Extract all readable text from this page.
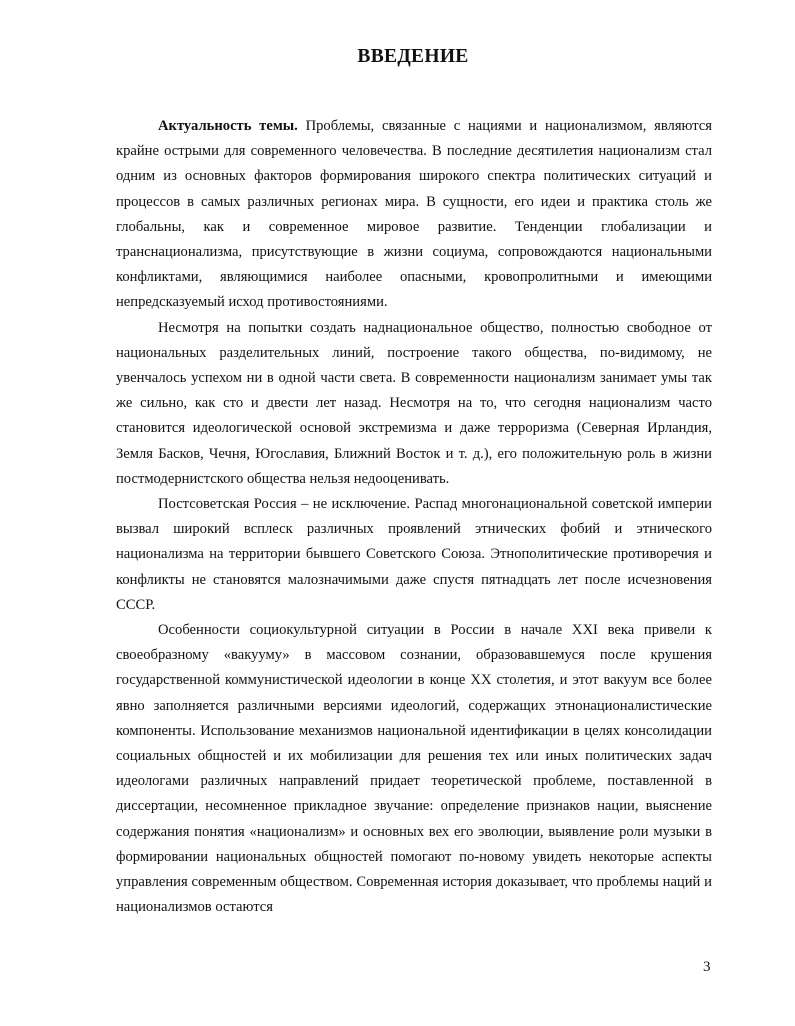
ВВЕДЕНИЕ

Актуальность темы. Проблемы, связанные с нациями и национализмом, являются крайне острыми для современного человечества. В последние десятилетия национализм стал одним из основных факторов формирования широкого спектра политических ситуаций и процессов в самых различных регионах мира. В сущности, его идеи и практика столь же глобальны, как и современное мировое развитие. Тенденции глобализации и транснационализма, присутствующие в жизни социума, сопровождаются национальными конфликтами, являющимися наиболее опасными, кровопролитными и имеющими непредсказуемый исход противостояниями.

Несмотря на попытки создать наднациональное общество, полностью свободное от национальных разделительных линий, построение такого общества, по-видимому, не увенчалось успехом ни в одной части света. В современности национализм занимает умы так же сильно, как сто и двести лет назад. Несмотря на то, что сегодня национализм часто становится идеологической основой экстремизма и даже терроризма (Северная Ирландия, Земля Басков, Чечня, Югославия, Ближний Восток и т. д.), его положительную роль в жизни постмодернистского общества нельзя недооценивать.

Постсоветская Россия – не исключение. Распад многонациональной советской империи вызвал широкий всплеск различных проявлений этнических фобий и этнического национализма на территории бывшего Советского Союза. Этнополитические противоречия и конфликты не становятся малозначимыми даже спустя пятнадцать лет после исчезновения СССР.

Особенности социокультурной ситуации в России в начале XXI века привели к своеобразному «вакууму» в массовом сознании, образовавшемуся после крушения государственной коммунистической идеологии в конце XX столетия, и этот вакуум все более явно заполняется различными версиями идеологий, содержащих этнонационалистические компоненты. Использование механизмов национальной идентификации в целях консолидации социальных общностей и их мобилизации для решения тех или иных политических задач идеологами различных направлений придает теоретической проблеме, поставленной в диссертации, несомненное прикладное звучание: определение признаков нации, выяснение содержания понятия «национализм» и основных вех его эволюции, выявление роли музыки в формировании национальных общностей помогают по-новому увидеть некоторые аспекты управления современным обществом. Современная история доказывает, что проблемы наций и национализмов остаются

3
